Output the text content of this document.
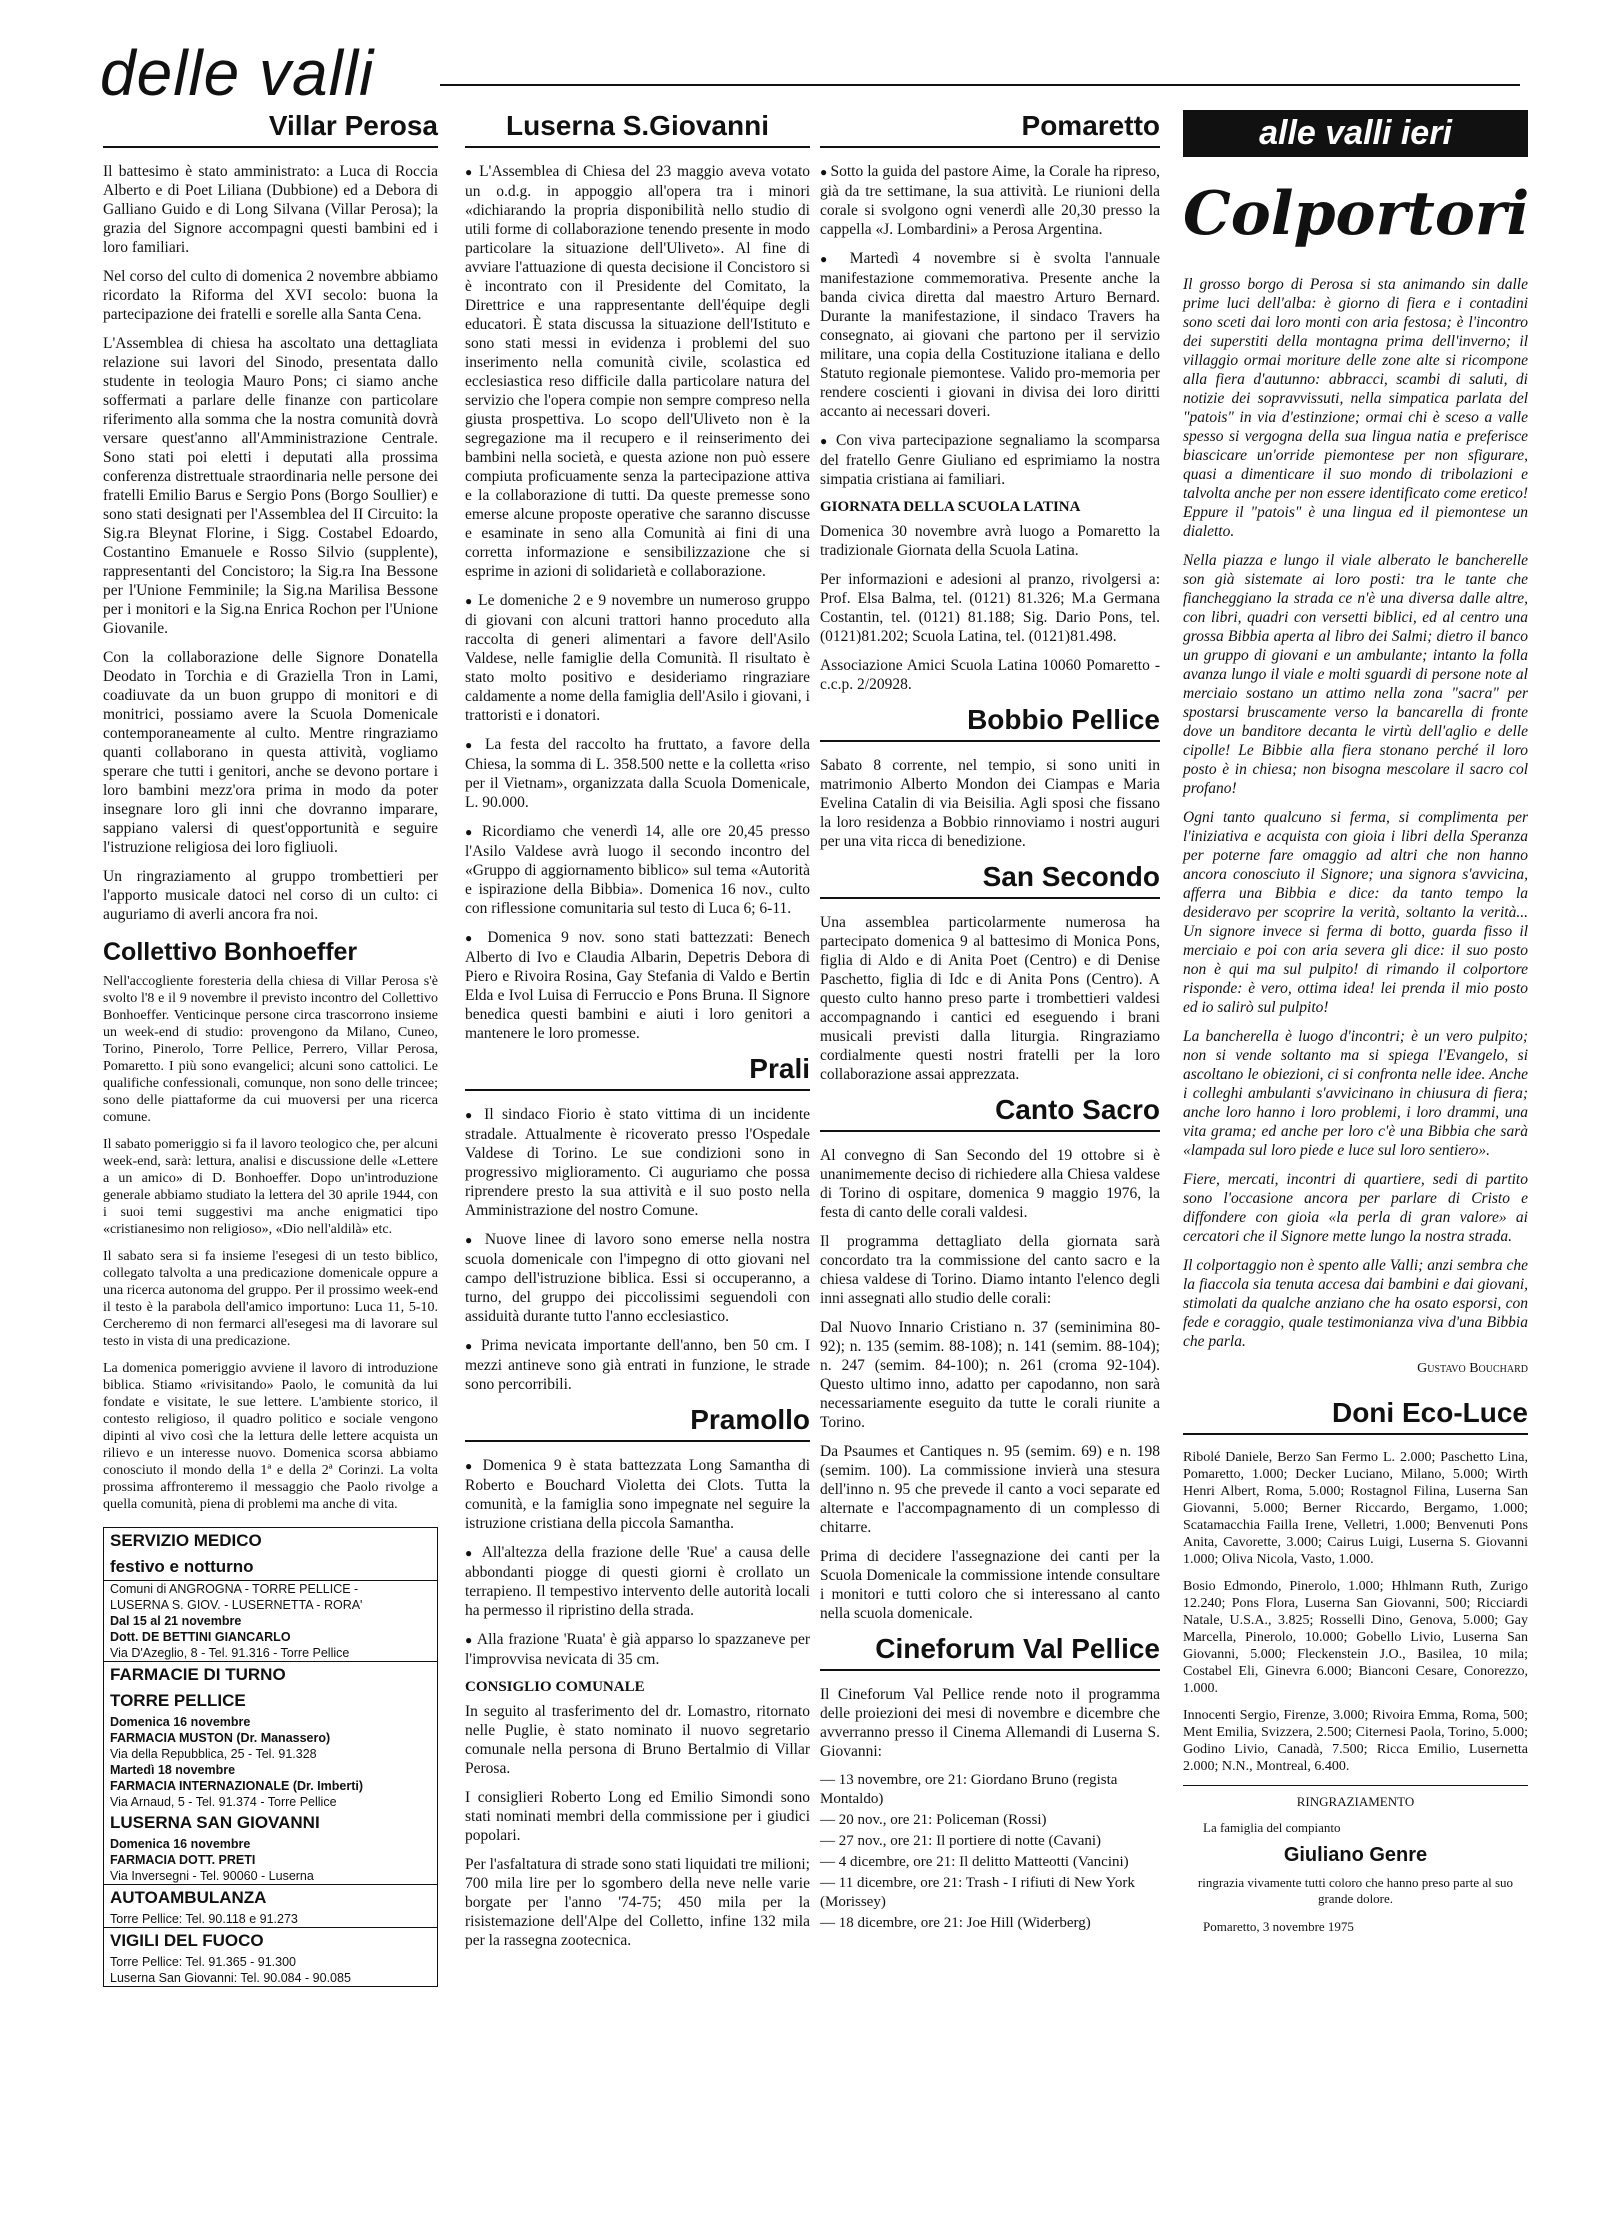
delle valli
Villar Perosa

Il battesimo è stato amministrato: a Luca di Roccia Alberto e di Poet Liliana (Dubbione) ed a Debora di Galliano Guido e di Long Silvana (Villar Perosa); la grazia del Signore accompagni questi bambini ed i loro familiari.

Nel corso del culto di domenica 2 novembre abbiamo ricordato la Riforma del XVI secolo: buona la partecipazione dei fratelli e sorelle alla Santa Cena.

L'Assemblea di chiesa ha ascoltato una dettagliata relazione sui lavori del Sinodo, presentata dallo studente in teologia Mauro Pons; ci siamo anche soffermati a parlare delle finanze con particolare riferimento alla somma che la nostra comunità dovrà versare quest'anno all'Amministrazione Centrale. Sono stati poi eletti i deputati alla prossima conferenza distrettuale straordinaria nelle persone dei fratelli Emilio Barus e Sergio Pons (Borgo Soullier) e sono stati designati per l'Assemblea del II Circuito: la Sig.ra Bleynat Florine, i Sigg. Costabel Edoardo, Costantino Emanuele e Rosso Silvio (supplente), rappresentanti del Concistoro; la Sig.ra Ina Bessone per l'Unione Femminile; la Sig.na Marilisa Bessone per i monitori e la Sig.na Enrica Rochon per l'Unione Giovanile.

Con la collaborazione delle Signore Donatella Deodato in Torchia e di Graziella Tron in Lami, coadiuvate da un buon gruppo di monitori e di monitrici, possiamo avere la Scuola Domenicale contemporaneamente al culto. Mentre ringraziamo quanti collaborano in questa attività, vogliamo sperare che tutti i genitori, anche se devono portare i loro bambini mezz'ora prima in modo da poter insegnare loro gli inni che dovranno imparare, sappiano valersi di quest'opportunità e seguire l'istruzione religiosa dei loro figliuoli.

Un ringraziamento al gruppo trombettieri per l'apporto musicale datoci nel corso di un culto: ci auguriamo di averli ancora fra noi.

Collettivo Bonhoeffer

Nell'accogliente foresteria della chiesa di Villar Perosa s'è svolto l'8 e il 9 novembre il previsto incontro del Collettivo Bonhoeffer. Venticinque persone circa trascorrono insieme un week-end di studio: provengono da Milano, Cuneo, Torino, Pinerolo, Torre Pellice, Perrero, Villar Perosa, Pomaretto. I più sono evangelici; alcuni sono cattolici. Le qualifiche confessionali, comunque, non sono delle trincee; sono delle piattaforme da cui muoversi per una ricerca comune.

Il sabato pomeriggio si fa il lavoro teologico che, per alcuni week-end, sarà: lettura, analisi e discussione delle «Lettere a un amico» di D. Bonhoeffer. Dopo un'introduzione generale abbiamo studiato la lettera del 30 aprile 1944, con i suoi temi suggestivi ma anche enigmatici tipo «cristianesimo non religioso», «Dio nell'aldilà» etc.

Il sabato sera si fa insieme l'esegesi di un testo biblico, collegato talvolta a una predicazione domenicale oppure a una ricerca autonoma del gruppo. Per il prossimo week-end il testo è la parabola dell'amico importuno: Luca 11, 5-10. Cercheremo di non fermarci all'esegesi ma di lavorare sul testo in vista di una predicazione.

La domenica pomeriggio avviene il lavoro di introduzione biblica. Stiamo «rivisitando» Paolo, le comunità da lui fondate e visitate, le sue lettere. L'ambiente storico, il contesto religioso, il quadro politico e sociale vengono dipinti al vivo così che la lettura delle lettere acquista un rilievo e un interesse nuovo. Domenica scorsa abbiamo conosciuto il mondo della 1ª e della 2ª Corinzi. La volta prossima affronteremo il messaggio che Paolo rivolge a quella comunità, piena di problemi ma anche di vita.

SERVIZIO MEDICO
festivo e notturno
Comuni di ANGROGNA - TORRE PELLICE -
LUSERNA S. GIOV. - LUSERNETTA - RORA'
Dal 15 al 21 novembre
Dott. DE BETTINI GIANCARLO
Via D'Azeglio, 8 - Tel. 91.316 - Torre Pellice
FARMACIE DI TURNO
TORRE PELLICE
Domenica 16 novembre
FARMACIA MUSTON (Dr. Manassero)
Via della Repubblica, 25 - Tel. 91.328
Martedì 18 novembre
FARMACIA INTERNAZIONALE (Dr. Imberti)
Via Arnaud, 5 - Tel. 91.374 - Torre Pellice
LUSERNA SAN GIOVANNI
Domenica 16 novembre
FARMACIA DOTT. PRETI
Via Inversegni - Tel. 90060 - Luserna
AUTOAMBULANZA
Torre Pellice: Tel. 90.118 e 91.273
VIGILI DEL FUOCO
Torre Pellice: Tel. 91.365 - 91.300
Luserna San Giovanni: Tel. 90.084 - 90.085
Luserna S.Giovanni

● L'Assemblea di Chiesa del 23 maggio aveva votato un o.d.g. in appoggio all'opera tra i minori «dichiarando la propria disponibilità nello studio di utili forme di collaborazione tenendo presente in modo particolare la situazione dell'Uliveto». Al fine di avviare l'attuazione di questa decisione il Concistoro si è incontrato con il Presidente del Comitato, la Direttrice e una rappresentante dell'équipe degli educatori. È stata discussa la situazione dell'Istituto e sono stati messi in evidenza i problemi del suo inserimento nella comunità civile, scolastica ed ecclesiastica reso difficile dalla particolare natura del servizio che l'opera compie non sempre compreso nella giusta prospettiva. Lo scopo dell'Uliveto non è la segregazione ma il recupero e il reinserimento dei bambini nella società, e questa azione non può essere compiuta proficuamente senza la partecipazione attiva e la collaborazione di tutti. Da queste premesse sono emerse alcune proposte operative che saranno discusse e esaminate in seno alla Comunità ai fini di una corretta informazione e sensibilizzazione che si esprime in azioni di solidarietà e collaborazione.

● Le domeniche 2 e 9 novembre un numeroso gruppo di giovani con alcuni trattori hanno proceduto alla raccolta di generi alimentari a favore dell'Asilo Valdese, nelle famiglie della Comunità. Il risultato è stato molto positivo e desideriamo ringraziare caldamente a nome della famiglia dell'Asilo i giovani, i trattoristi e i donatori.

● La festa del raccolto ha fruttato, a favore della Chiesa, la somma di L. 358.500 nette e la colletta «riso per il Vietnam», organizzata dalla Scuola Domenicale, L. 90.000.

● Ricordiamo che venerdì 14, alle ore 20,45 presso l'Asilo Valdese avrà luogo il secondo incontro del «Gruppo di aggiornamento biblico» sul tema «Autorità e ispirazione della Bibbia». Domenica 16 nov., culto con riflessione comunitaria sul testo di Luca 6; 6-11.

● Domenica 9 nov. sono stati battezzati: Benech Alberto di Ivo e Claudia Albarin, Depetris Debora di Piero e Rivoira Rosina, Gay Stefania di Valdo e Bertin Elda e Ivol Luisa di Ferruccio e Pons Bruna. Il Signore benedica questi bambini e aiuti i loro genitori a mantenere le loro promesse.

Prali

● Il sindaco Fiorio è stato vittima di un incidente stradale. Attualmente è ricoverato presso l'Ospedale Valdese di Torino. Le sue condizioni sono in progressivo miglioramento. Ci auguriamo che possa riprendere presto la sua attività e il suo posto nella Amministrazione del nostro Comune.

● Nuove linee di lavoro sono emerse nella nostra scuola domenicale con l'impegno di otto giovani nel campo dell'istruzione biblica. Essi si occuperanno, a turno, del gruppo dei piccolissimi seguendoli con assiduità durante tutto l'anno ecclesiastico.

● Prima nevicata importante dell'anno, ben 50 cm. I mezzi antineve sono già entrati in funzione, le strade sono percorribili.

Pramollo

● Domenica 9 è stata battezzata Long Samantha di Roberto e Bouchard Violetta dei Clots. Tutta la comunità, e la famiglia sono impegnate nel seguire la istruzione cristiana della piccola Samantha.

● All'altezza della frazione delle 'Rue' a causa delle abbondanti piogge di questi giorni è crollato un terrapieno. Il tempestivo intervento delle autorità locali ha permesso il ripristino della strada.

● Alla frazione 'Ruata' è già apparso lo spazzaneve per l'improvvisa nevicata di 35 cm.

CONSIGLIO COMUNALE

In seguito al trasferimento del dr. Lomastro, ritornato nelle Puglie, è stato nominato il nuovo segretario comunale nella persona di Bruno Bertalmio di Villar Perosa.

I consiglieri Roberto Long ed Emilio Simondi sono stati nominati membri della commissione per i giudici popolari.

Per l'asfaltatura di strade sono stati liquidati tre milioni; 700 mila lire per lo sgombero della neve nelle varie borgate per l'anno '74-75; 450 mila per la risistemazione dell'Alpe del Colletto, infine 132 mila per la rassegna zootecnica.

Pomaretto

● Sotto la guida del pastore Aime, la Corale ha ripreso, già da tre settimane, la sua attività. Le riunioni della corale si svolgono ogni venerdì alle 20,30 presso la cappella «J. Lombardini» a Perosa Argentina.

● Martedì 4 novembre si è svolta l'annuale manifestazione commemorativa. Presente anche la banda civica diretta dal maestro Arturo Bernard. Durante la manifestazione, il sindaco Travers ha consegnato, ai giovani che partono per il servizio militare, una copia della Costituzione italiana e dello Statuto regionale piemontese. Valido pro-memoria per rendere coscienti i giovani in divisa dei loro diritti accanto ai necessari doveri.

● Con viva partecipazione segnaliamo la scomparsa del fratello Genre Giuliano ed esprimiamo la nostra simpatia cristiana ai familiari.

GIORNATA DELLA SCUOLA LATINA

Domenica 30 novembre avrà luogo a Pomaretto la tradizionale Giornata della Scuola Latina.

Per informazioni e adesioni al pranzo, rivolgersi a: Prof. Elsa Balma, tel. (0121) 81.326; M.a Germana Costantin, tel. (0121) 81.188; Sig. Dario Pons, tel. (0121)81.202; Scuola Latina, tel. (0121)81.498.

Associazione Amici Scuola Latina 10060 Pomaretto - c.c.p. 2/20928.

Bobbio Pellice

Sabato 8 corrente, nel tempio, si sono uniti in matrimonio Alberto Mondon dei Ciampas e Maria Evelina Catalin di via Beisilia. Agli sposi che fissano la loro residenza a Bobbio rinnoviamo i nostri auguri per una vita ricca di benedizione.

San Secondo

Una assemblea particolarmente numerosa ha partecipato domenica 9 al battesimo di Monica Pons, figlia di Aldo e di Anita Poet (Centro) e di Denise Paschetto, figlia di Idc e di Anita Pons (Centro). A questo culto hanno preso parte i trombettieri valdesi accompagnando i cantici ed eseguendo i brani musicali previsti dalla liturgia. Ringraziamo cordialmente questi nostri fratelli per la loro collaborazione assai apprezzata.

Canto Sacro

Al convegno di San Secondo del 19 ottobre si è unanimemente deciso di richiedere alla Chiesa valdese di Torino di ospitare, domenica 9 maggio 1976, la festa di canto delle corali valdesi.

Il programma dettagliato della giornata sarà concordato tra la commissione del canto sacro e la chiesa valdese di Torino. Diamo intanto l'elenco degli inni assegnati allo studio delle corali:

Dal Nuovo Innario Cristiano n. 37 (seminimina 80-92); n. 135 (semim. 88-108); n. 141 (semim. 88-104); n. 247 (semim. 84-100); n. 261 (croma 92-104). Questo ultimo inno, adatto per capodanno, non sarà necessariamente eseguito da tutte le corali riunite a Torino.

Da Psaumes et Cantiques n. 95 (semim. 69) e n. 198 (semim. 100). La commissione invierà una stesura dell'inno n. 95 che prevede il canto a voci separate ed alternate e l'accompagnamento di un complesso di chitarre.

Prima di decidere l'assegnazione dei canti per la Scuola Domenicale la commissione intende consultare i monitori e tutti coloro che si interessano al canto nella scuola domenicale.

Cineforum Val Pellice

Il Cineforum Val Pellice rende noto il programma delle proiezioni dei mesi di novembre e dicembre che avverranno presso il Cinema Allemandi di Luserna S. Giovanni:

— 13 novembre, ore 21: Giordano Bruno (regista Montaldo)
— 20 nov., ore 21: Policeman (Rossi)
— 27 nov., ore 21: Il portiere di notte (Cavani)
— 4 dicembre, ore 21: Il delitto Matteotti (Vancini)
— 11 dicembre, ore 21: Trash - I rifiuti di New York (Morissey)
— 18 dicembre, ore 21: Joe Hill (Widerberg)
alle valli ieri
Colportori

Il grosso borgo di Perosa si sta animando sin dalle prime luci dell'alba: è giorno di fiera e i contadini sono sceti dai loro monti con aria festosa; è l'incontro dei superstiti della montagna prima dell'inverno; il villaggio ormai moriture delle zone alte si ricompone alla fiera d'autunno: abbracci, scambi di saluti, di notizie dei sopravvissuti, nella simpatica parlata del "patois" in via d'estinzione; ormai chi è sceso a valle spesso si vergogna della sua lingua natia e preferisce biascicare un'orride piemontese per non sfigurare, quasi a dimenticare il suo mondo di tribolazioni e talvolta anche per non essere identificato come eretico! Eppure il "patois" è una lingua ed il piemontese un dialetto.

Nella piazza e lungo il viale alberato le bancherelle son già sistemate ai loro posti: tra le tante che fiancheggiano la strada ce n'è una diversa dalle altre, con libri, quadri con versetti biblici, ed al centro una grossa Bibbia aperta al libro dei Salmi; dietro il banco un gruppo di giovani e un ambulante; intanto la folla avanza lungo il viale e molti sguardi di persone note al merciaio sostano un attimo nella zona "sacra" per spostarsi bruscamente verso la bancarella di fronte dove un banditore decanta le virtù dell'aglio e delle cipolle! Le Bibbie alla fiera stonano perché il loro posto è in chiesa; non bisogna mescolare il sacro col profano!

Ogni tanto qualcuno si ferma, si complimenta per l'iniziativa e acquista con gioia i libri della Speranza per poterne fare omaggio ad altri che non hanno ancora conosciuto il Signore; una signora s'avvicina, afferra una Bibbia e dice: da tanto tempo la desideravo per scoprire la verità, soltanto la verità... Un signore invece si ferma di botto, guarda fisso il merciaio e poi con aria severa gli dice: il suo posto non è qui ma sul pulpito! di rimando il colportore risponde: è vero, ottima idea! lei prenda il mio posto ed io salirò sul pulpito!

La bancherella è luogo d'incontri; è un vero pulpito; non si vende soltanto ma si spiega l'Evangelo, si ascoltano le obiezioni, ci si confronta nelle idee. Anche i colleghi ambulanti s'avvicinano in chiusura di fiera; anche loro hanno i loro problemi, i loro drammi, una vita grama; ed anche per loro c'è una Bibbia che sarà «lampada sul loro piede e luce sul loro sentiero».

Fiere, mercati, incontri di quartiere, sedi di partito sono l'occasione ancora per parlare di Cristo e diffondere con gioia «la perla di gran valore» ai cercatori che il Signore mette lungo la nostra strada.

Il colportaggio non è spento alle Valli; anzi sembra che la fiaccola sia tenuta accesa dai bambini e dai giovani, stimolati da qualche anziano che ha osato esporsi, con fede e coraggio, quale testimonianza viva d'una Bibbia che parla.

Gustavo Bouchard
Doni Eco-Luce

Ribolé Daniele, Berzo San Fermo L. 2.000; Paschetto Lina, Pomaretto, 1.000; Decker Luciano, Milano, 5.000; Wirth Henri Albert, Roma, 5.000; Rostagnol Filina, Luserna San Giovanni, 5.000; Berner Riccardo, Bergamo, 1.000; Scatamacchia Failla Irene, Velletri, 1.000; Benvenuti Pons Anita, Cavorette, 3.000; Cairus Luigi, Luserna S. Giovanni 1.000; Oliva Nicola, Vasto, 1.000.

Bosio Edmondo, Pinerolo, 1.000; Hhlmann Ruth, Zurigo 12.240; Pons Flora, Luserna San Giovanni, 500; Ricciardi Natale, U.S.A., 3.825; Rosselli Dino, Genova, 5.000; Gay Marcella, Pinerolo, 10.000; Gobello Livio, Luserna San Giovanni, 5.000; Fleckenstein J.O., Basilea, 10 mila; Costabel Eli, Ginevra 6.000; Bianconi Cesare, Conorezzo, 1.000.

Innocenti Sergio, Firenze, 3.000; Rivoira Emma, Roma, 500; Ment Emilia, Svizzera, 2.500; Citernesi Paola, Torino, 5.000; Godino Livio, Canadà, 7.500; Ricca Emilio, Lusernetta 2.000; N.N., Montreal, 6.400.

RINGRAZIAMENTO
La famiglia del compianto
Giuliano Genre
ringrazia vivamente tutti coloro che hanno preso parte al suo grande dolore.
Pomaretto, 3 novembre 1975
